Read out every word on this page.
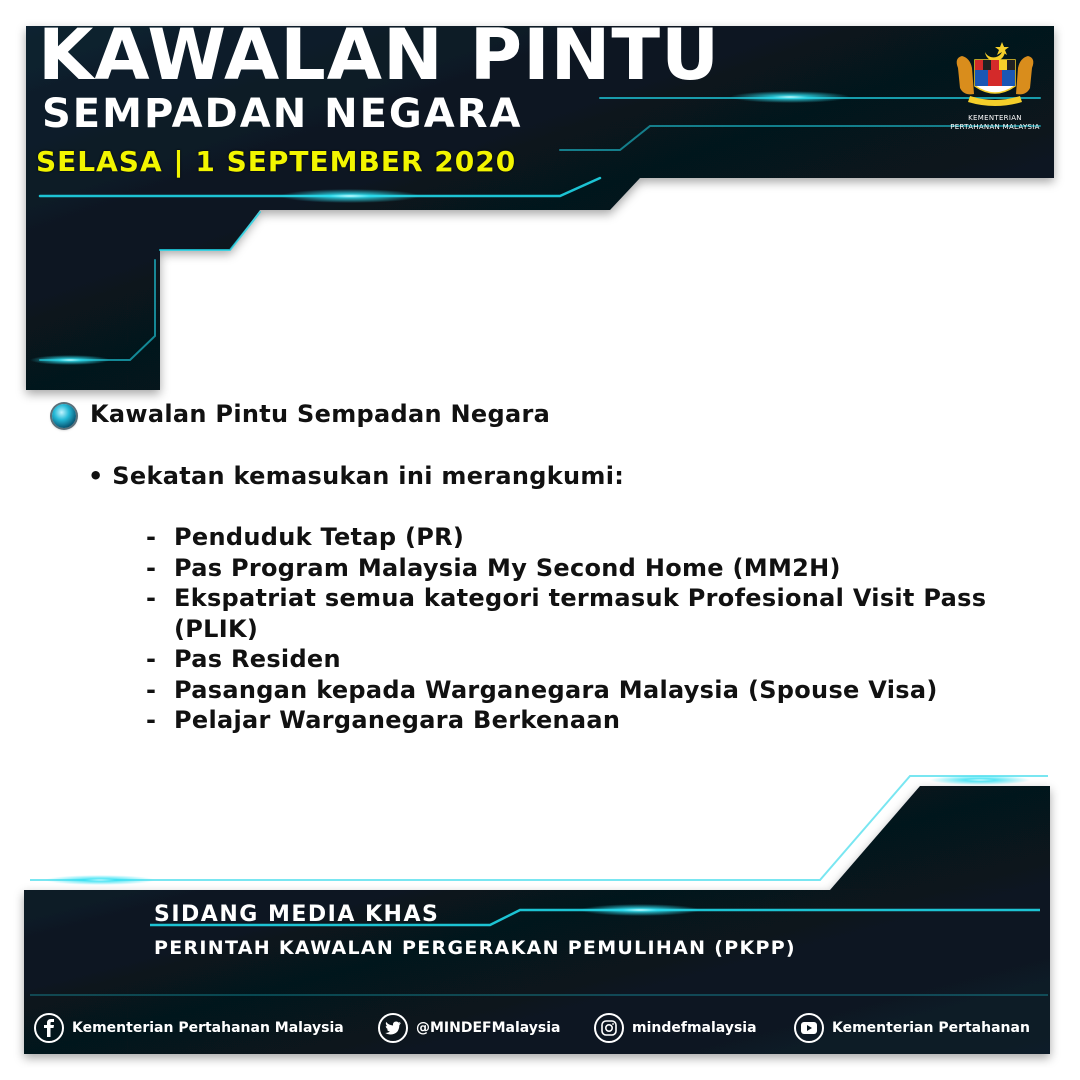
KAWALAN PINTU
SEMPADAN NEGARA
SELASA | 1 SEPTEMBER 2020
KEMENTERIAN
PERTAHANAN MALAYSIA
Kawalan Pintu Sempadan Negara
• Sekatan kemasukan ini merangkumi:
- Penduduk Tetap (PR)
- Pas Program Malaysia My Second Home (MM2H)
- Ekspatriat semua kategori termasuk Profesional Visit Pass (PLIK)
- Pas Residen
- Pasangan kepada Warganegara Malaysia (Spouse Visa)
- Pelajar Warganegara Berkenaan
SIDANG MEDIA KHAS
PERINTAH KAWALAN PERGERAKAN PEMULIHAN (PKPP)
Kementerian Pertahanan Malaysia	@MINDEFMalaysia	mindefmalaysia	Kementerian Pertahanan
